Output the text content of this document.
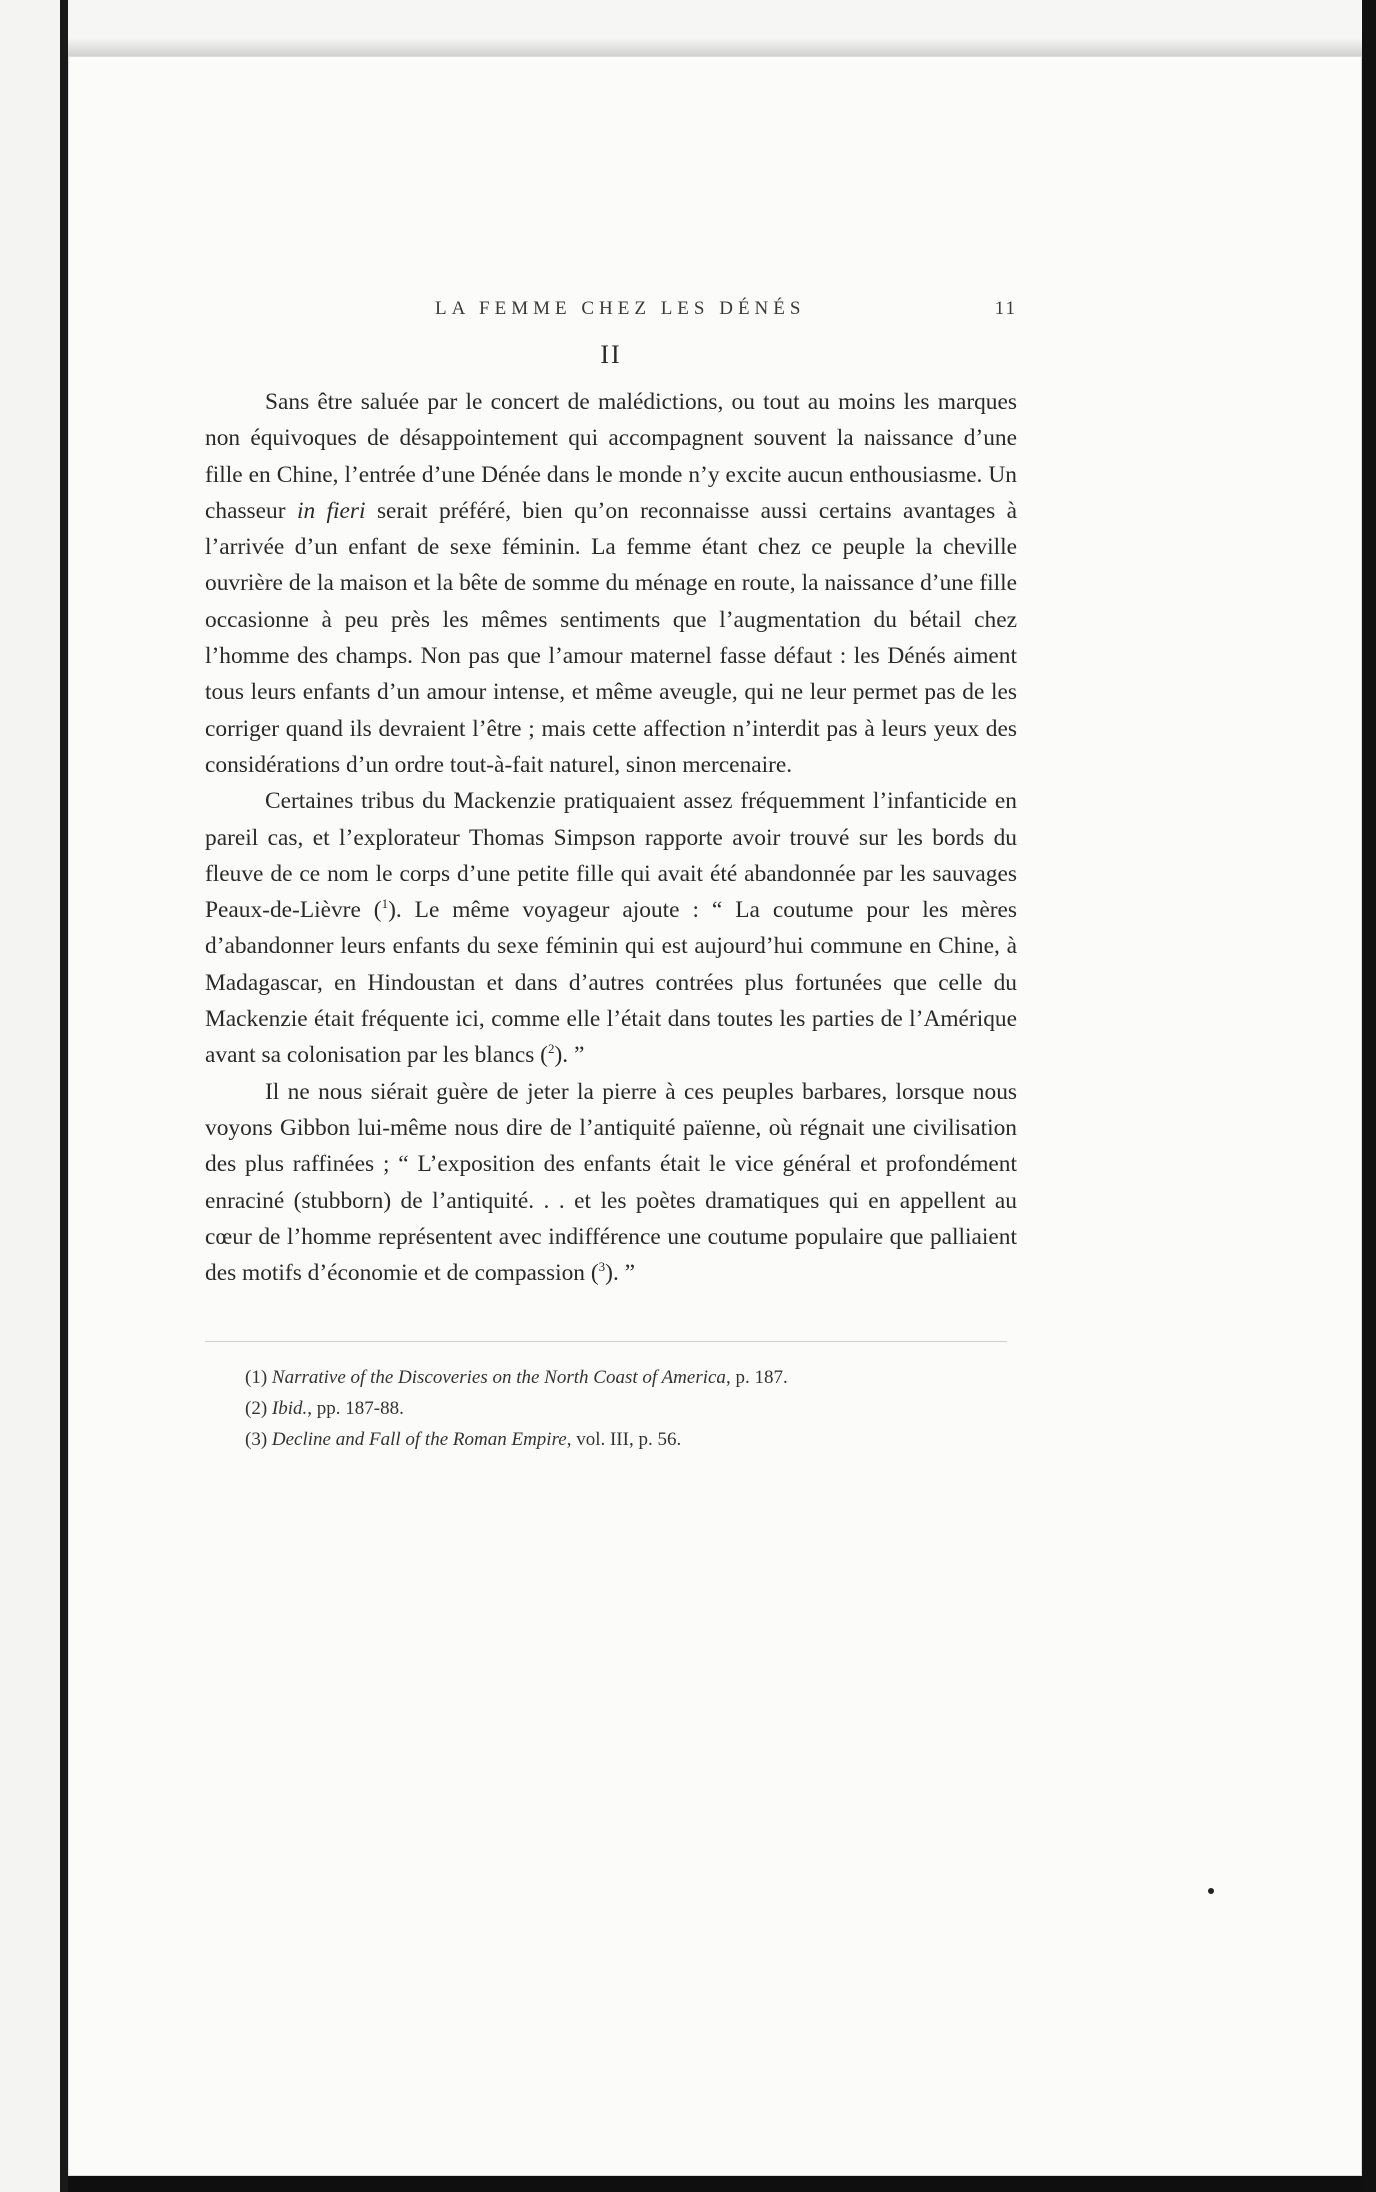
LA FEMME CHEZ LES DÉNÉS	11
II

Sans être saluée par le concert de malédictions, ou tout au moins les marques non équivoques de désappointement qui accompagnent souvent la naissance d’une fille en Chine, l’entrée d’une Dénée dans le monde n’y excite aucun enthousiasme. Un chasseur in fieri serait préféré, bien qu’on reconnaisse aussi certains avantages à l’arrivée d’un enfant de sexe féminin. La femme étant chez ce peuple la cheville ouvrière de la maison et la bête de somme du ménage en route, la naissance d’une fille occasionne à peu près les mêmes sentiments que l’augmentation du bétail chez l’homme des champs. Non pas que l’amour maternel fasse défaut : les Dénés aiment tous leurs enfants d’un amour intense, et même aveugle, qui ne leur permet pas de les corriger quand ils devraient l’être ; mais cette affection n’interdit pas à leurs yeux des considérations d’un ordre tout-à-fait naturel, sinon mercenaire.

Certaines tribus du Mackenzie pratiquaient assez fréquemment l’infanticide en pareil cas, et l’explorateur Thomas Simpson rapporte avoir trouvé sur les bords du fleuve de ce nom le corps d’une petite fille qui avait été abandonnée par les sauvages Peaux-de-Lièvre ($^1$). Le même voyageur ajoute : “ La coutume pour les mères d’abandonner leurs enfants du sexe féminin qui est aujourd’hui commune en Chine, à Madagascar, en Hindoustan et dans d’autres contrées plus fortunées que celle du Mackenzie était fréquente ici, comme elle l’était dans toutes les parties de l’Amérique avant sa colonisation par les blancs ($^2$). ”

Il ne nous siérait guère de jeter la pierre à ces peuples barbares, lorsque nous voyons Gibbon lui-même nous dire de l’antiquité païenne, où régnait une civilisation des plus raffinées ; “ L’exposition des enfants était le vice général et profondément enraciné (stubborn) de l’antiquité. . . et les poètes dramatiques qui en appellent au cœur de l’homme représentent avec indifférence une coutume populaire que palliaient des motifs d’économie et de compassion ($^3$). ”

(1) Narrative of the Discoveries on the North Coast of America, p. 187.
(2) Ibid., pp. 187-88.
(3) Decline and Fall of the Roman Empire, vol. III, p. 56.
